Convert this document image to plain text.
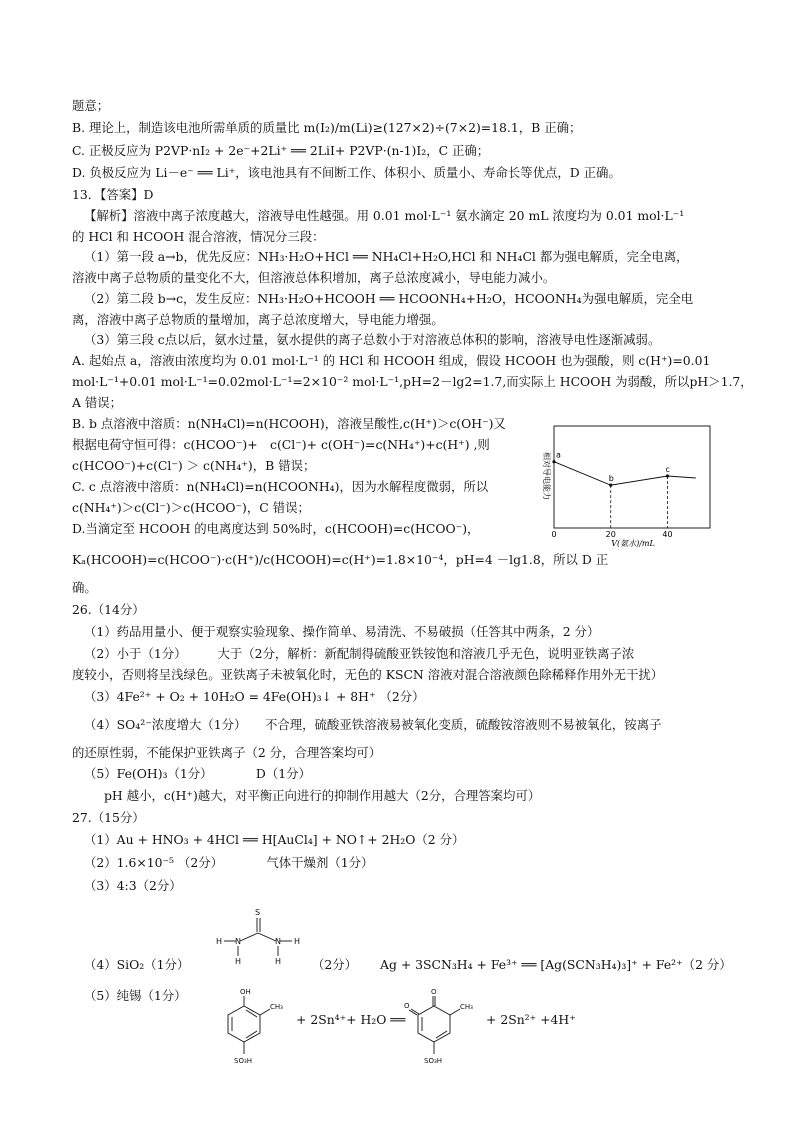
题意；
B. 理论上，制造该电池所需单质的质量比 m(I₂)/m(Li)≥(127×2)÷(7×2)=18.1，B 正确；
C. 正极反应为 P2VP·nI₂ + 2e⁻+2Li⁺ ══ 2LiI+ P2VP·(n-1)I₂，C 正确；
D. 负极反应为 Li－e⁻ ══ Li⁺，该电池具有不间断工作、体积小、质量小、寿命长等优点，D 正确。
13．【答案】D
【解析】溶液中离子浓度越大，溶液导电性越强。用 0.01 mol·L⁻¹ 氨水滴定 20 mL 浓度均为 0.01 mol·L⁻¹
的 HCl 和 HCOOH 混合溶液，情况分三段：
（1）第一段 a→b，优先反应：NH₃·H₂O+HCl ══ NH₄Cl+H₂O,HCl 和 NH₄Cl 都为强电解质，完全电离，
溶液中离子总物质的量变化不大，但溶液总体积增加，离子总浓度减小，导电能力减小。
（2）第二段 b→c，发生反应：NH₃·H₂O+HCOOH ══ HCOONH₄+H₂O，HCOONH₄为强电解质，完全电
离，溶液中离子总物质的量增加，离子总浓度增大，导电能力增强。
（3）第三段 c点以后，氨水过量，氨水提供的离子总数小于对溶液总体积的影响，溶液导电性逐渐减弱。
A. 起始点 a，溶液由浓度均为 0.01 mol·L⁻¹ 的 HCl 和 HCOOH 组成，假设 HCOOH 也为强酸，则 c(H⁺)=0.01
mol·L⁻¹+0.01 mol·L⁻¹=0.02mol·L⁻¹=2×10⁻² mol·L⁻¹,pH=2－lg2=1.7,而实际上 HCOOH 为弱酸，所以pH＞1.7，
A 错误；
B. b 点溶液中溶质：n(NH₄Cl)=n(HCOOH)，溶液呈酸性,c(H⁺)＞c(OH⁻)又
根据电荷守恒可得：c(HCOO⁻)+　c(Cl⁻)+ c(OH⁻)=c(NH₄⁺)+c(H⁺) ,则
c(HCOO⁻)+c(Cl⁻) ＞ c(NH₄⁺)，B 错误；
C. c 点溶液中溶质：n(NH₄Cl)=n(HCOONH₄)，因为水解程度微弱，所以
c(NH₄⁺)＞c(Cl⁻)＞c(HCOO⁻)，C 错误；
D.当滴定至 HCOOH 的电离度达到 50%时，c(HCOOH)=c(HCOO⁻)，
Kₐ(HCOOH)=c(HCOO⁻)·c(H⁺)/c(HCOOH)=c(H⁺)=1.8×10⁻⁴，pH=4 －lg1.8，所以 D 正
确。
26.（14分）
（1）药品用量小、便于观察实验现象、操作简单、易清洗、不易破损（任答其中两条，2 分）
（2）小于（1分）　　　大于（2分，解析：新配制得硫酸亚铁铵饱和溶液几乎无色，说明亚铁离子浓
度较小，否则将呈浅绿色。亚铁离子未被氧化时，无色的 KSCN 溶液对混合溶液颜色除稀释作用外无干扰）
（3）4Fe²⁺ + O₂ + 10H₂O = 4Fe(OH)₃↓ + 8H⁺ （2分）
（4）SO₄²⁻浓度增大（1分）　　不合理，硫酸亚铁溶液易被氧化变质，硫酸铵溶液则不易被氧化，铵离子
的还原性弱，不能保护亚铁离子（2 分，合理答案均可）
（5）Fe(OH)₃（1分）　　　　D（1分）
pH 越小，c(H⁺)越大，对平衡正向进行的抑制作用越大（2分，合理答案均可）
27.（15分）
（1）Au + HNO₃ + 4HCl ══ H[AuCl₄] + NO↑+ 2H₂O（2 分）
（2）1.6×10⁻⁵ （2分）　　　　气体干燥剂（1分）
（3）4:3（2分）
（4）SiO₂（1分）	（2分） Ag + 3SCN₃H₄ + Fe³⁺ ══ [Ag(SCN₃H₄)₃]⁺ + Fe²⁺（2 分）
（5）纯锡（1分）
+ 2Sn⁴⁺+ H₂O ══	+ 2Sn²⁺ +4H⁺
相对导电能力 a
b
c
0	20	40
V(氨水)/mL
S
H N	N H
H	H
OH
CH₃
SO₃H
O
O	CH₃
SO₃H
